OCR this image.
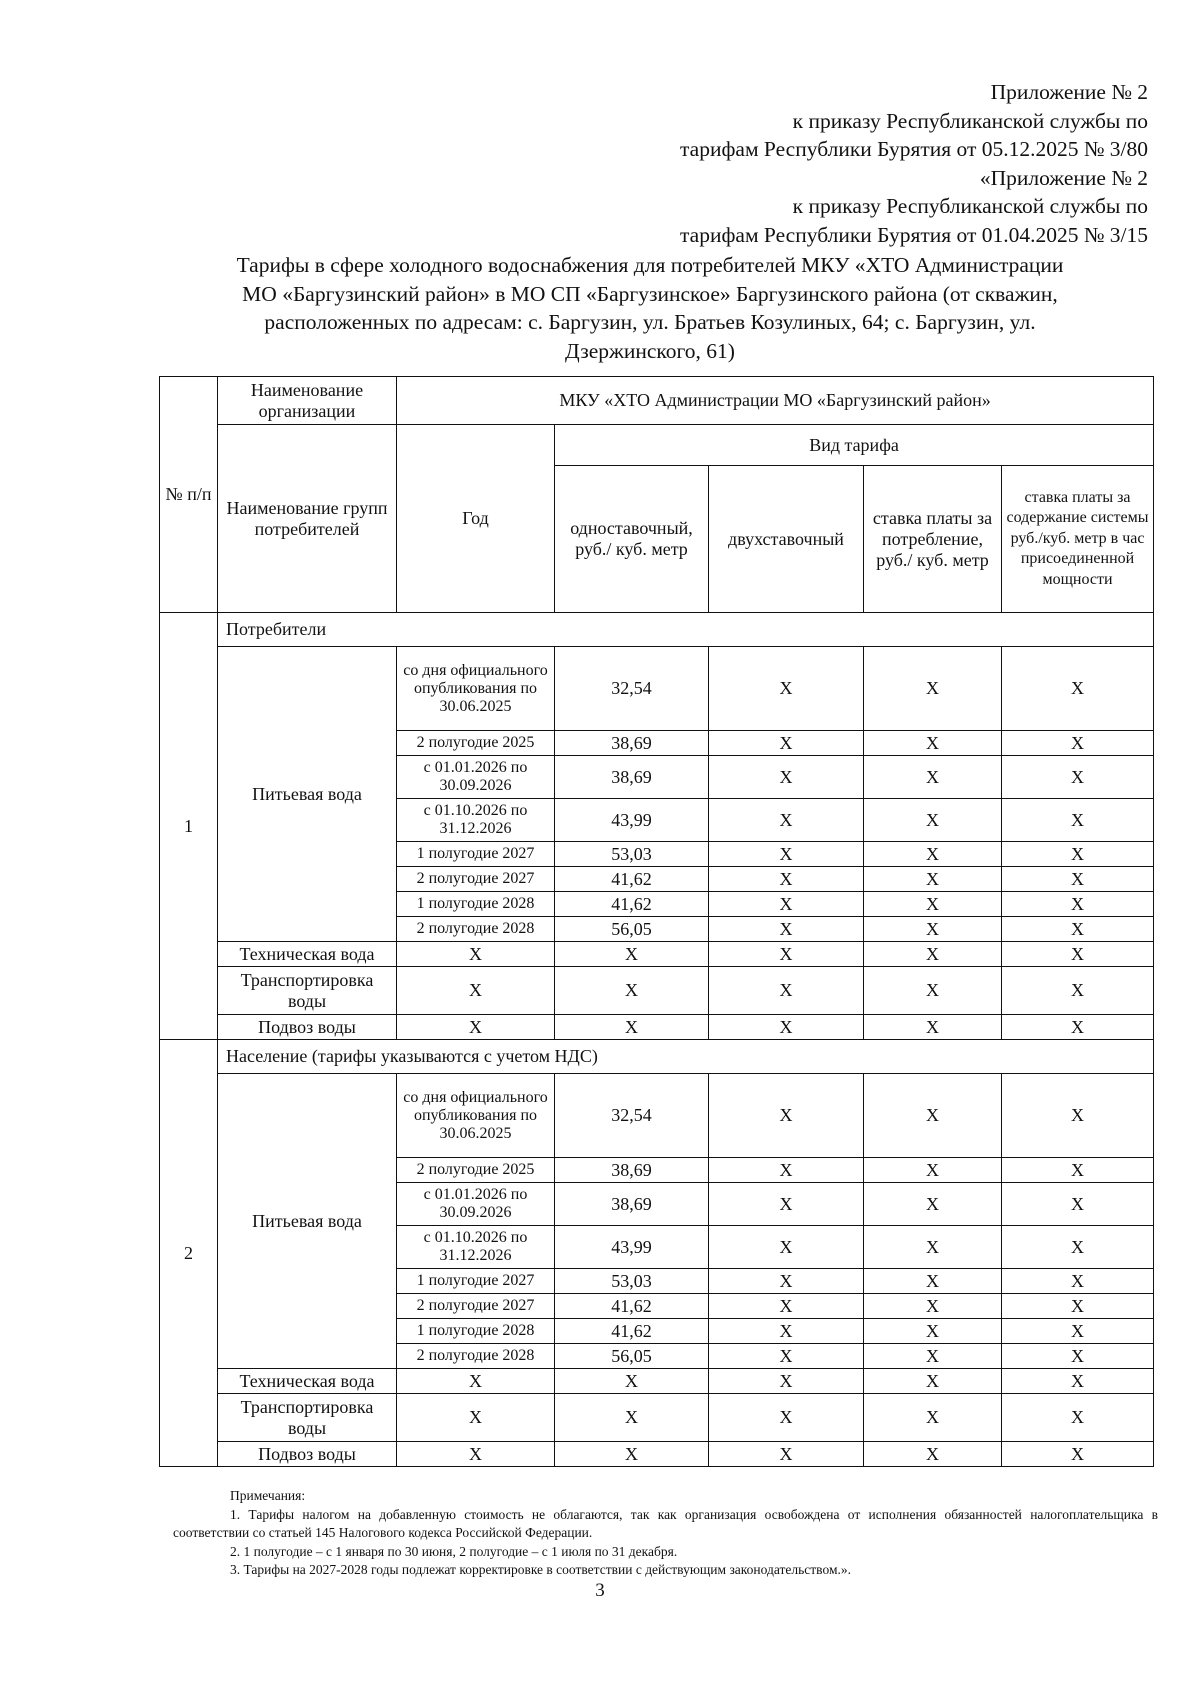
Приложение № 2
к приказу Республиканской службы по
тарифам Республики Бурятия от 05.12.2025 № 3/80
«Приложение № 2
к приказу Республиканской службы по
тарифам Республики Бурятия от 01.04.2025 № 3/15
Тарифы в сфере холодного водоснабжения для потребителей МКУ «ХТО Администрации
МО «Баргузинский район» в МО СП «Баргузинское» Баргузинского района (от скважин,
расположенных по адресам: с. Баргузин, ул. Братьев Козулиных, 64; с. Баргузин, ул.
Дзержинского, 61)
№ п/п	Наименование организации	МКУ «ХТО Администрации МО «Баргузинский район»				
	Наименование групп потребителей	Год	Вид тарифа			
			одноставочный, руб./ куб. метр	двухставочный	ставка платы за потребление, руб./ куб. метр	ставка платы за содержание системы руб./куб. метр в час присоединенной мощности
1	Потребители					
	Питьевая вода	со дня официального опубликования по 30.06.2025	32,54	X	X	X
		2 полугодие 2025	38,69	X	X	X
		с 01.01.2026 по 30.09.2026	38,69	X	X	X
		с 01.10.2026 по 31.12.2026	43,99	X	X	X
		1 полугодие 2027	53,03	X	X	X
		2 полугодие 2027	41,62	X	X	X
		1 полугодие 2028	41,62	X	X	X
		2 полугодие 2028	56,05	X	X	X
	Техническая вода	X	X	X	X	X
	Транспортировка воды	X	X	X	X	X
	Подвоз воды	X	X	X	X	X
2	Население (тарифы указываются с учетом НДС)					
	Питьевая вода	со дня официального опубликования по 30.06.2025	32,54	X	X	X
		2 полугодие 2025	38,69	X	X	X
		с 01.01.2026 по 30.09.2026	38,69	X	X	X
		с 01.10.2026 по 31.12.2026	43,99	X	X	X
		1 полугодие 2027	53,03	X	X	X
		2 полугодие 2027	41,62	X	X	X
		1 полугодие 2028	41,62	X	X	X
		2 полугодие 2028	56,05	X	X	X
	Техническая вода	X	X	X	X	X
	Транспортировка воды	X	X	X	X	X
	Подвоз воды	X	X	X	X	X
Примечания:
1. Тарифы налогом на добавленную стоимость не облагаются, так как организация освобождена от исполнения обязанностей налогоплательщика в соответствии со статьей 145 Налогового кодекса Российской Федерации.
2. 1 полугодие – с 1 января по 30 июня, 2 полугодие – с 1 июля по 31 декабря.
3. Тарифы на 2027-2028 годы подлежат корректировке в соответствии с действующим законодательством.».
3
